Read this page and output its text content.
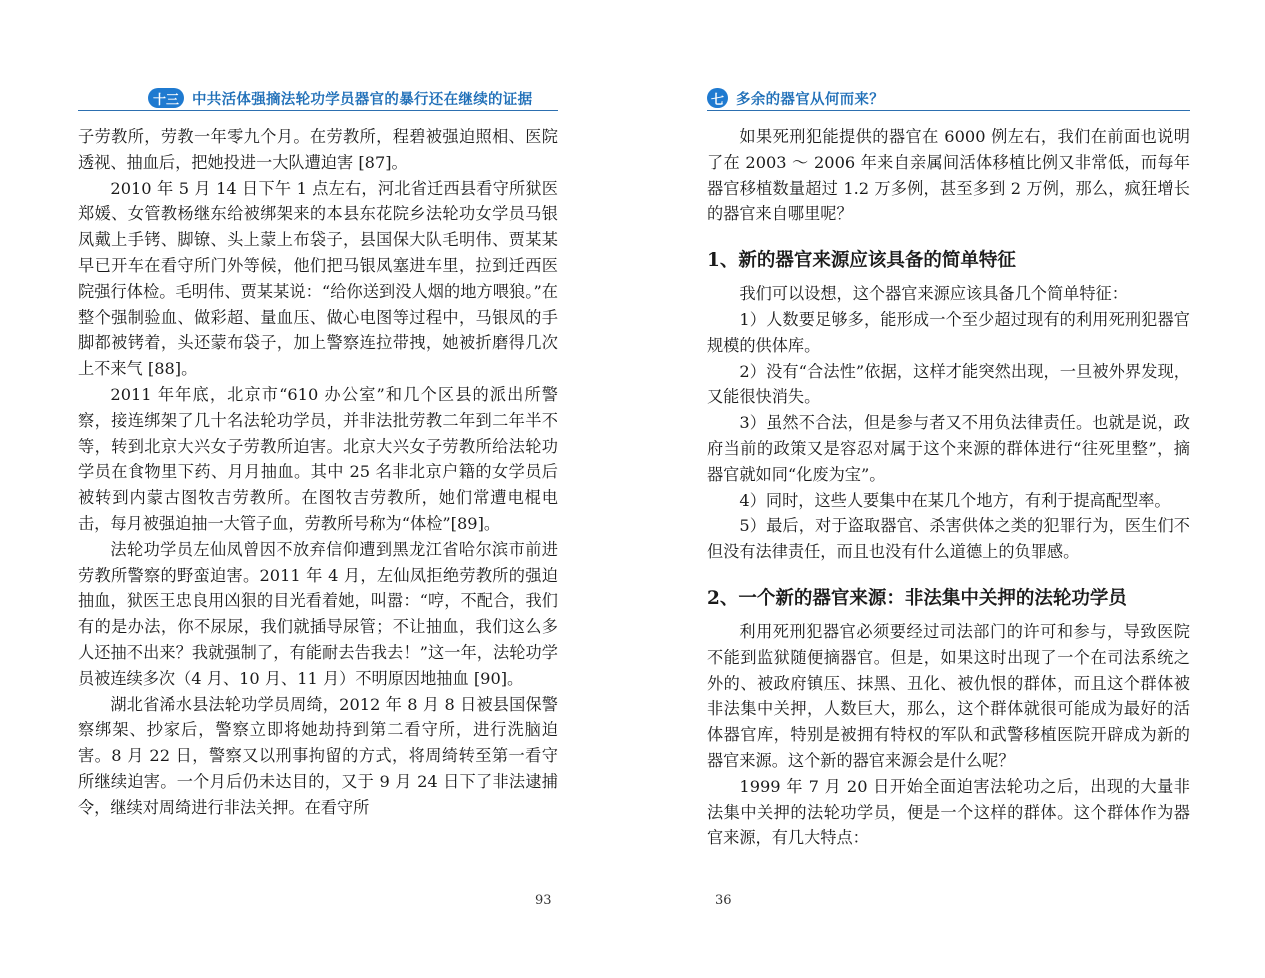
十三 中共活体强摘法轮功学员器官的暴行还在继续的证据

子劳教所，劳教一年零九个月。在劳教所，程碧被强迫照相、医院透视、抽血后，把她投进一大队遭迫害 [87]。

2010 年 5 月 14 日下午 1 点左右，河北省迁西县看守所狱医郑媛、女管教杨继东给被绑架来的本县东花院乡法轮功女学员马银凤戴上手铐、脚镣、头上蒙上布袋子，县国保大队毛明伟、贾某某早已开车在看守所门外等候，他们把马银凤塞进车里，拉到迁西医院强行体检。毛明伟、贾某某说：“给你送到没人烟的地方喂狼。”在整个强制验血、做彩超、量血压、做心电图等过程中，马银凤的手脚都被铐着，头还蒙布袋子，加上警察连拉带拽，她被折磨得几次上不来气 [88]。

2011 年年底，北京市“610 办公室”和几个区县的派出所警察，接连绑架了几十名法轮功学员，并非法批劳教二年到二年半不等，转到北京大兴女子劳教所迫害。北京大兴女子劳教所给法轮功学员在食物里下药、月月抽血。其中 25 名非北京户籍的女学员后被转到内蒙古图牧吉劳教所。在图牧吉劳教所，她们常遭电棍电击，每月被强迫抽一大管子血，劳教所号称为“体检”[89]。

法轮功学员左仙凤曾因不放弃信仰遭到黑龙江省哈尔滨市前进劳教所警察的野蛮迫害。2011 年 4 月，左仙凤拒绝劳教所的强迫抽血，狱医王忠良用凶狠的目光看着她，叫嚣：“哼，不配合，我们有的是办法，你不尿尿，我们就插导尿管；不让抽血，我们这么多人还抽不出来？我就强制了，有能耐去告我去！”这一年，法轮功学员被连续多次（4 月、10 月、11 月）不明原因地抽血 [90]。

湖北省浠水县法轮功学员周绮，2012 年 8 月 8 日被县国保警察绑架、抄家后，警察立即将她劫持到第二看守所，进行洗脑迫害。8 月 22 日，警察又以刑事拘留的方式，将周绮转至第一看守所继续迫害。一个月后仍未达目的，又于 9 月 24 日下了非法逮捕令，继续对周绮进行非法关押。在看守所

93
七 多余的器官从何而来？

如果死刑犯能提供的器官在 6000 例左右，我们在前面也说明了在 2003 ～ 2006 年来自亲属间活体移植比例又非常低，而每年器官移植数量超过 1.2 万多例，甚至多到 2 万例，那么，疯狂增长的器官来自哪里呢？

1、新的器官来源应该具备的简单特征

我们可以设想，这个器官来源应该具备几个简单特征：

1）人数要足够多，能形成一个至少超过现有的利用死刑犯器官规模的供体库。

2）没有“合法性”依据，这样才能突然出现，一旦被外界发现，又能很快消失。

3）虽然不合法，但是参与者又不用负法律责任。也就是说，政府当前的政策又是容忍对属于这个来源的群体进行“往死里整”，摘器官就如同“化废为宝”。

4）同时，这些人要集中在某几个地方，有利于提高配型率。

5）最后，对于盗取器官、杀害供体之类的犯罪行为，医生们不但没有法律责任，而且也没有什么道德上的负罪感。

2、一个新的器官来源：非法集中关押的法轮功学员

利用死刑犯器官必须要经过司法部门的许可和参与，导致医院不能到监狱随便摘器官。但是，如果这时出现了一个在司法系统之外的、被政府镇压、抹黑、丑化、被仇恨的群体，而且这个群体被非法集中关押，人数巨大，那么，这个群体就很可能成为最好的活体器官库，特别是被拥有特权的军队和武警移植医院开辟成为新的器官来源。这个新的器官来源会是什么呢？

1999 年 7 月 20 日开始全面迫害法轮功之后，出现的大量非法集中关押的法轮功学员，便是一个这样的群体。这个群体作为器官来源，有几大特点：

36
